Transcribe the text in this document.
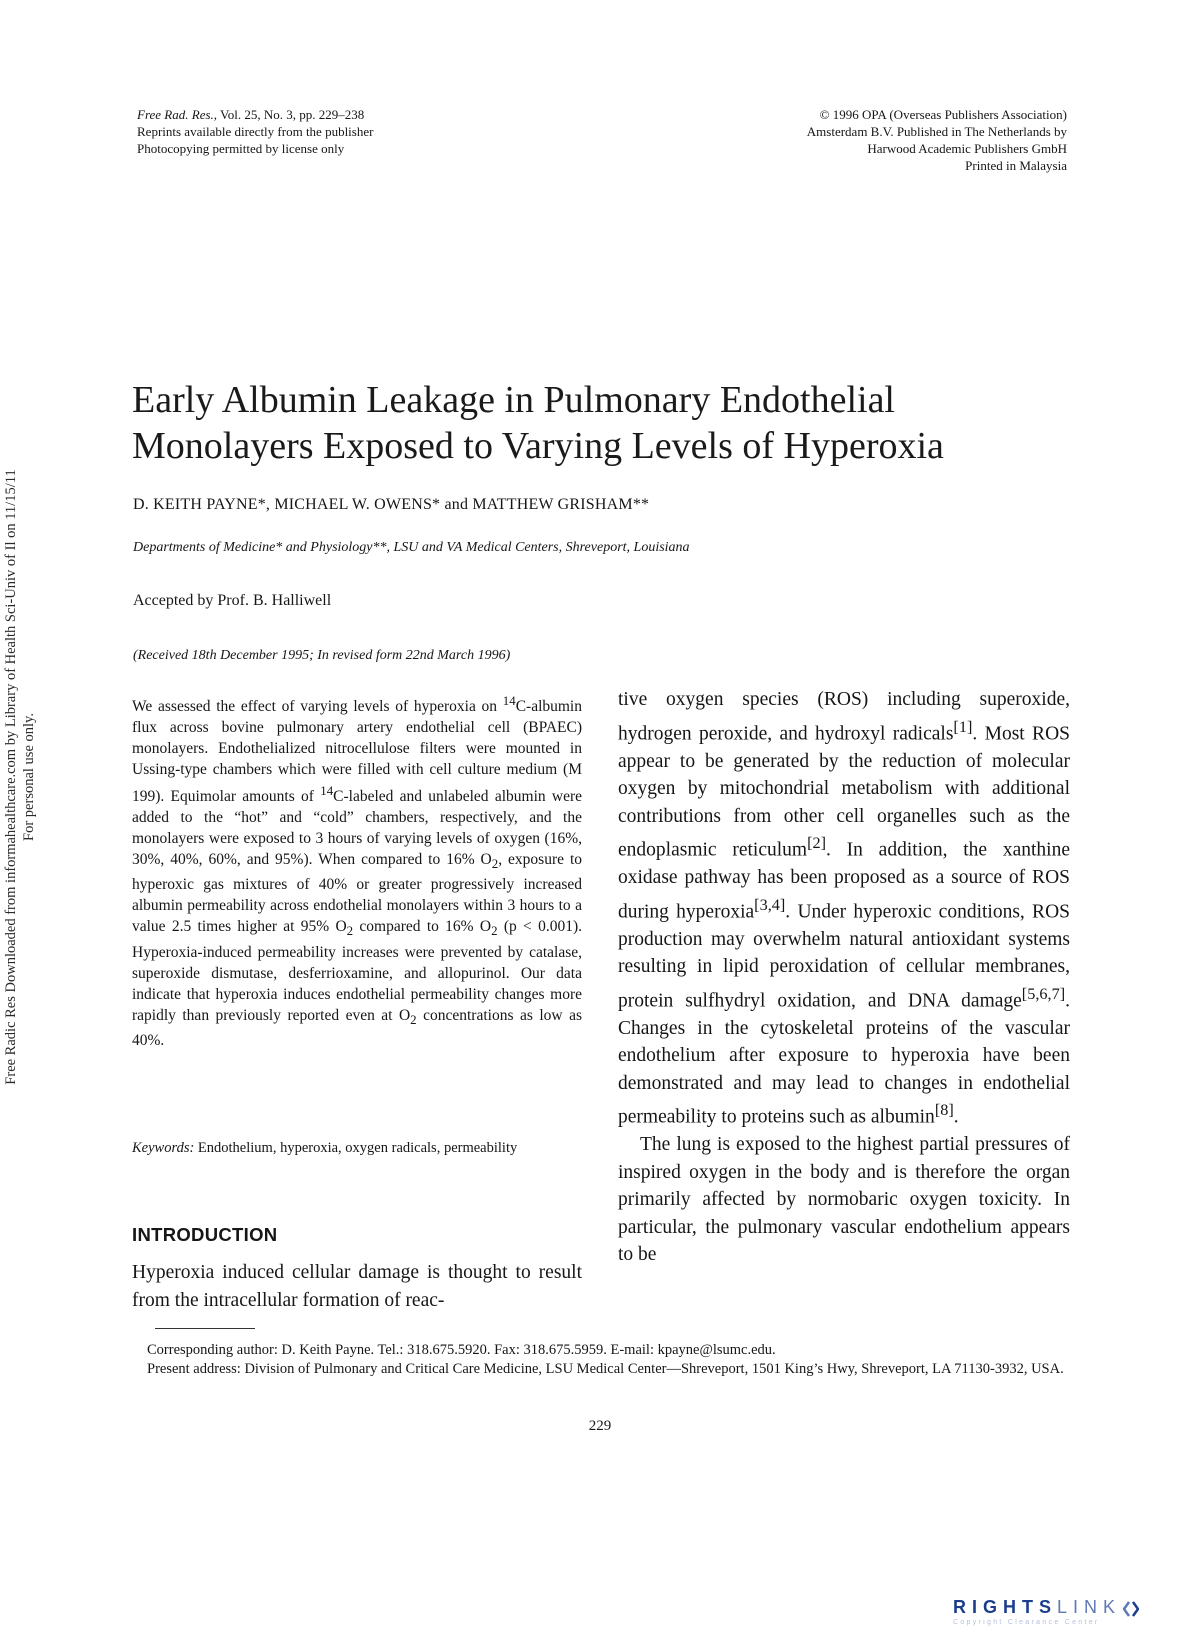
Free Rad. Res., Vol. 25, No. 3, pp. 229–238
Reprints available directly from the publisher
Photocopying permitted by license only
© 1996 OPA (Overseas Publishers Association)
Amsterdam B.V. Published in The Netherlands by
Harwood Academic Publishers GmbH
Printed in Malaysia
Early Albumin Leakage in Pulmonary Endothelial
Monolayers Exposed to Varying Levels of Hyperoxia
D. KEITH PAYNE*, MICHAEL W. OWENS* and MATTHEW GRISHAM**
Departments of Medicine* and Physiology**, LSU and VA Medical Centers, Shreveport, Louisiana
Accepted by Prof. B. Halliwell
(Received 18th December 1995; In revised form 22nd March 1996)

We assessed the effect of varying levels of hyperoxia on $^{14}$C-albumin flux across bovine pulmonary artery endothelial cell (BPAEC) monolayers. Endothelialized nitrocellulose filters were mounted in Ussing-type chambers which were filled with cell culture medium (M 199). Equimolar amounts of $^{14}$C-labeled and unlabeled albumin were added to the “hot” and “cold” chambers, respectively, and the monolayers were exposed to 3 hours of varying levels of oxygen (16%, 30%, 40%, 60%, and 95%). When compared to 16% $O_2$, exposure to hyperoxic gas mixtures of 40% or greater progressively increased albumin permeability across endothelial monolayers within 3 hours to a value 2.5 times higher at 95% $O_2$ compared to 16% $O_2$ (p < 0.001). Hyperoxia-induced permeability increases were prevented by catalase, superoxide dismutase, desferrioxamine, and allopurinol. Our data indicate that hyperoxia induces endothelial permeability changes more rapidly than previously reported even at $O_2$ concentrations as low as 40%.

Keywords: Endothelium, hyperoxia, oxygen radicals, permeability

INTRODUCTION

Hyperoxia induced cellular damage is thought to result from the intracellular formation of reac-

tive oxygen species (ROS) including superoxide, hydrogen peroxide, and hydroxyl radicals[1]. Most ROS appear to be generated by the reduction of molecular oxygen by mitochondrial metabolism with additional contributions from other cell organelles such as the endoplasmic reticulum[2]. In addition, the xanthine oxidase pathway has been proposed as a source of ROS during hyperoxia[3,4]. Under hyperoxic conditions, ROS production may overwhelm natural antioxidant systems resulting in lipid peroxidation of cellular membranes, protein sulfhydryl oxidation, and DNA damage[5,6,7]. Changes in the cytoskeletal proteins of the vascular endothelium after exposure to hyperoxia have been demonstrated and may lead to changes in endothelial permeability to proteins such as albumin[8].

The lung is exposed to the highest partial pressures of inspired oxygen in the body and is therefore the organ primarily affected by normobaric oxygen toxicity. In particular, the pulmonary vascular endothelium appears to be

Corresponding author: D. Keith Payne. Tel.: 318.675.5920. Fax: 318.675.5959. E-mail: kpayne@lsumc.edu.

Present address: Division of Pulmonary and Critical Care Medicine, LSU Medical Center—Shreveport, 1501 King’s Hwy, Shreveport, LA 71130-3932, USA.

229
Free Radic Res Downloaded from informahealthcare.com by Library of Health Sci-Univ of Il on 11/15/11 For personal use only.
RIGHTSLINK
Copyright Clearance Center
